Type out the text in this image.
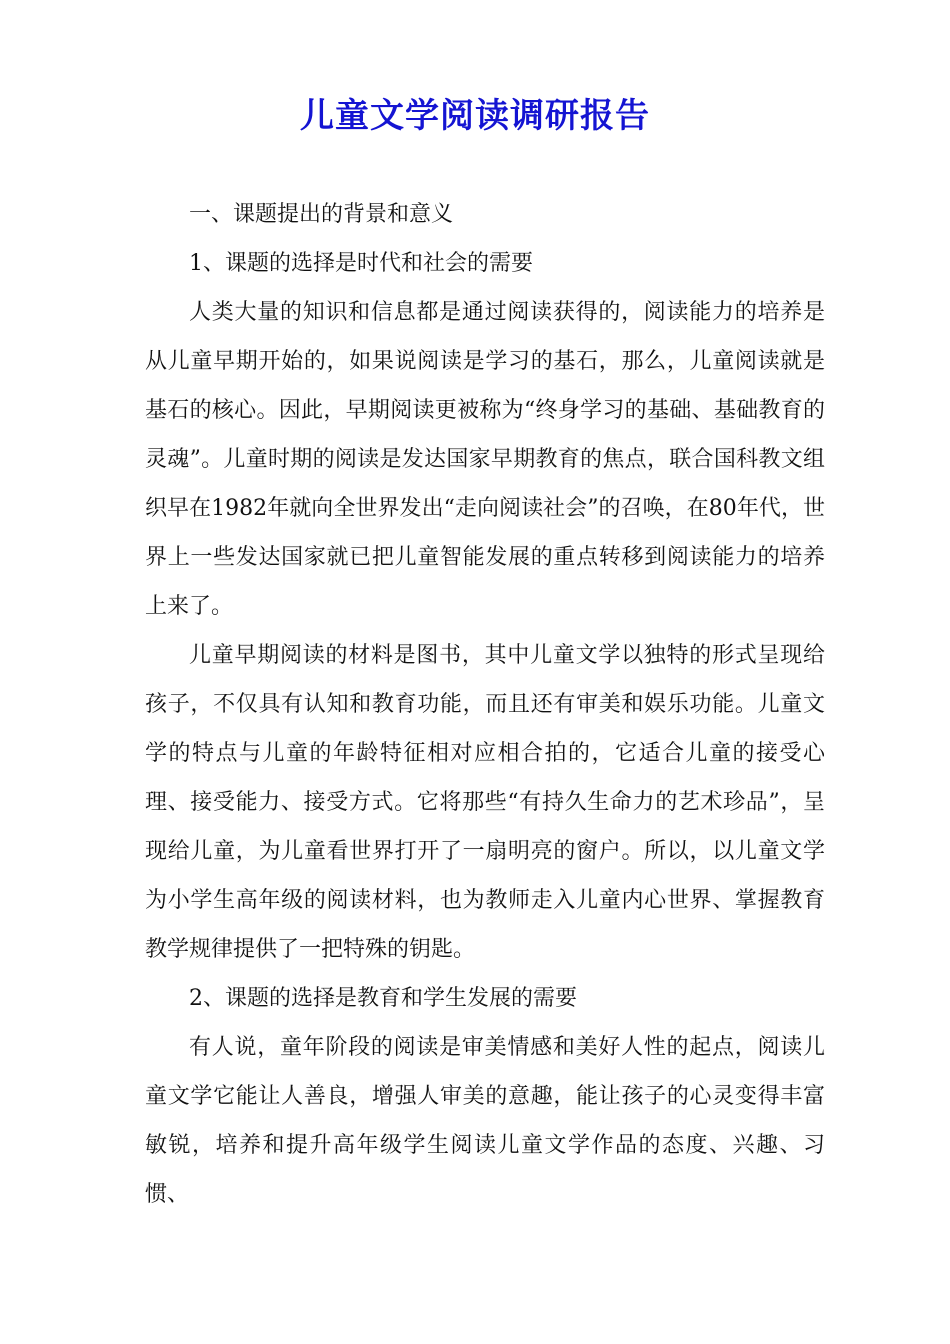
儿童文学阅读调研报告

一、课题提出的背景和意义

1、课题的选择是时代和社会的需要

人类大量的知识和信息都是通过阅读获得的，阅读能力的培养是从儿童早期开始的，如果说阅读是学习的基石，那么，儿童阅读就是基石的核心。因此，早期阅读更被称为“终身学习的基础、基础教育的灵魂”。儿童时期的阅读是发达国家早期教育的焦点，联合国科教文组织早在1982年就向全世界发出“走向阅读社会”的召唤，在80年代，世界上一些发达国家就已把儿童智能发展的重点转移到阅读能力的培养上来了。

儿童早期阅读的材料是图书，其中儿童文学以独特的形式呈现给孩子，不仅具有认知和教育功能，而且还有审美和娱乐功能。儿童文学的特点与儿童的年龄特征相对应相合拍的，它适合儿童的接受心理、接受能力、接受方式。它将那些“有持久生命力的艺术珍品”，呈现给儿童，为儿童看世界打开了一扇明亮的窗户。所以，以儿童文学为小学生高年级的阅读材料，也为教师走入儿童内心世界、掌握教育教学规律提供了一把特殊的钥匙。

2、课题的选择是教育和学生发展的需要

有人说，童年阶段的阅读是审美情感和美好人性的起点，阅读儿童文学它能让人善良，增强人审美的意趣，能让孩子的心灵变得丰富敏锐，培养和提升高年级学生阅读儿童文学作品的态度、兴趣、习惯、
